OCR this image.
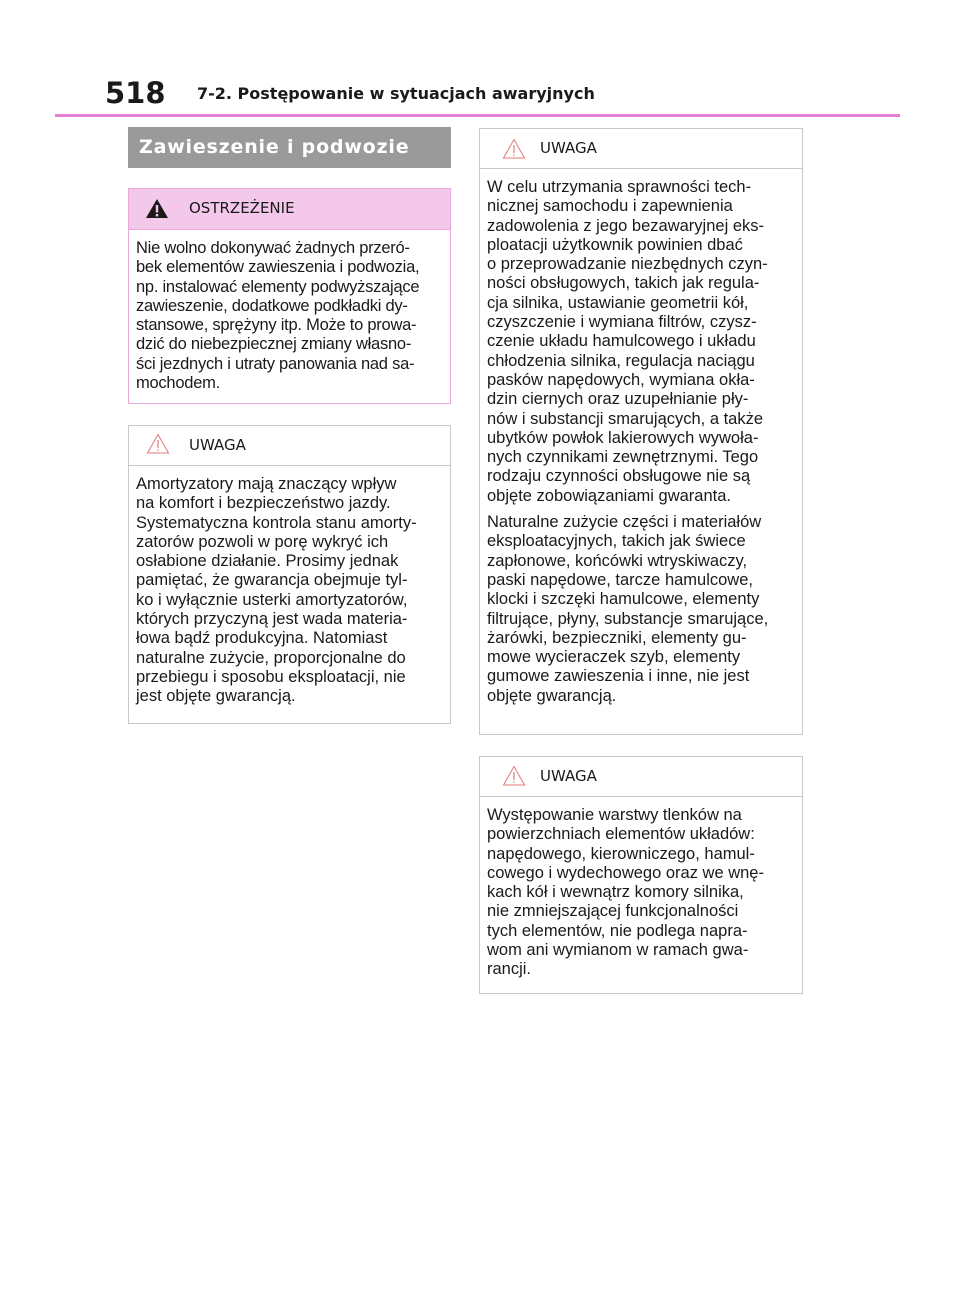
518 7-2. Postępowanie w sytuacjach awaryjnych
Zawieszenie i podwozie
OSTRZEŻENIE

Nie wolno dokonywać żadnych przeró-
bek elementów zawieszenia i podwozia,
np. instalować elementy podwyższające
zawieszenie, dodatkowe podkładki dy-
stansowe, sprężyny itp. Może to prowa-
dzić do niebezpiecznej zmiany własno-
ści jezdnych i utraty panowania nad sa-
mochodem.

UWAGA

Amortyzatory mają znaczący wpływ
na komfort i bezpieczeństwo jazdy.
Systematyczna kontrola stanu amorty-
zatorów pozwoli w porę wykryć ich
osłabione działanie. Prosimy jednak
pamiętać, że gwarancja obejmuje tyl-
ko i wyłącznie usterki amortyzatorów,
których przyczyną jest wada materia-
łowa bądź produkcyjna. Natomiast
naturalne zużycie, proporcjonalne do
przebiegu i sposobu eksploatacji, nie
jest objęte gwarancją.

UWAGA

W celu utrzymania sprawności tech-
nicznej samochodu i zapewnienia
zadowolenia z jego bezawaryjnej eks-
ploatacji użytkownik powinien dbać
o przeprowadzanie niezbędnych czyn-
ności obsługowych, takich jak regula-
cja silnika, ustawianie geometrii kół,
czyszczenie i wymiana filtrów, czysz-
czenie układu hamulcowego i układu
chłodzenia silnika, regulacja naciągu
pasków napędowych, wymiana okła-
dzin ciernych oraz uzupełnianie pły-
nów i substancji smarujących, a także
ubytków powłok lakierowych wywoła-
nych czynnikami zewnętrznymi. Tego
rodzaju czynności obsługowe nie są
objęte zobowiązaniami gwaranta.

Naturalne zużycie części i materiałów
eksploatacyjnych, takich jak świece
zapłonowe, końcówki wtryskiwaczy,
paski napędowe, tarcze hamulcowe,
klocki i szczęki hamulcowe, elementy
filtrujące, płyny, substancje smarujące,
żarówki, bezpieczniki, elementy gu-
mowe wycieraczek szyb, elementy
gumowe zawieszenia i inne, nie jest
objęte gwarancją.

UWAGA

Występowanie warstwy tlenków na
powierzchniach elementów układów:
napędowego, kierowniczego, hamul-
cowego i wydechowego oraz we wnę-
kach kół i wewnątrz komory silnika,
nie zmniejszającej funkcjonalności
tych elementów, nie podlega napra-
wom ani wymianom w ramach gwa-
rancji.
